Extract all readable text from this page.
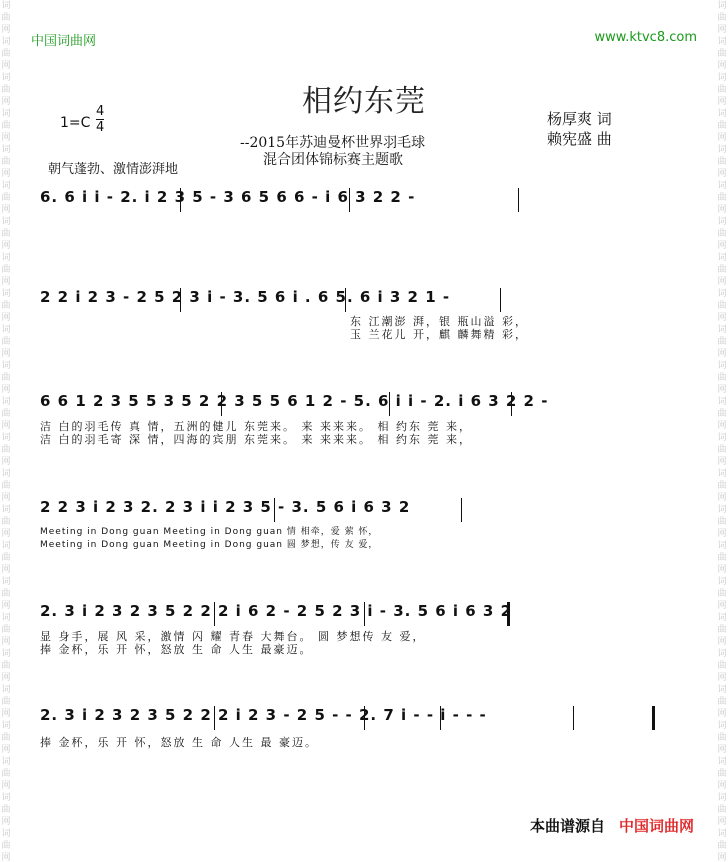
词曲网词曲网词曲网词曲网词曲网词曲网词曲网词曲网词曲网词曲网词曲网词曲网词曲网词曲网词曲网词曲网词曲网词曲网词曲网词曲网词曲网词曲网词曲网词曲网
词曲网词曲网词曲网词曲网词曲网词曲网词曲网词曲网词曲网词曲网词曲网词曲网词曲网词曲网词曲网词曲网词曲网词曲网词曲网词曲网词曲网词曲网词曲网词曲网
中国词曲网	www.ktvc8.com
相约东莞
1=C
4
4	杨厚爽 词
赖宪盛 曲
--2015年苏迪曼杯世界羽毛球
混合团体锦标赛主题歌
朝气蓬勃、激情澎湃地
6. 6 i i - 2. i 2 3 5 - 3 6 5 6 6 - i 6 3 2 2 -
2 2 i 2 3 - 2 5 2 3 i - 3. 5 6 i . 6 5. 6 i 3 2 1 -
东 江潮澎 湃，银 瓶山溢 彩，
玉 兰花儿 开，麒 麟舞精 彩，
6 6 1 2 3 5 5 3 5 2 2 3 5 5 6 1 2 - 5. 6 i i - 2. i 6 3 2 2 -
洁 白的羽毛传 真 情，五洲的健儿 东莞来。 来 来来来。 相 约东 莞 来，
洁 白的羽毛寄 深 情，四海的宾朋 东莞来。 来 来来来。 相 约东 莞 来，
2 2 3 i 2 3 2. 2 3 i i 2 3 5 - 3. 5 6 i 6 3 2
Meeting in Dong guan Meeting in Dong guan 情 相牵，爱 萦 怀，
Meeting in Dong guan Meeting in Dong guan 圆 梦想，传 友 爱，
2. 3 i 2 3 2 3 5 2 2 2 i 6 2 - 2 5 2 3 i - 3. 5 6 i 6 3 2
显 身手，展 风 采，激情 闪 耀 青春 大舞台。 圆 梦想传 友 爱，
捧 金杯，乐 开 怀，怒放 生 命 人生 最豪迈。
2. 3 i 2 3 2 3 5 2 2 2 i 2 3 - 2 5 - - 2. 7 i - - i - - -
捧 金杯，乐 开 怀，怒放 生 命 人生 最 豪迈。
本曲谱源自 中国词曲网
